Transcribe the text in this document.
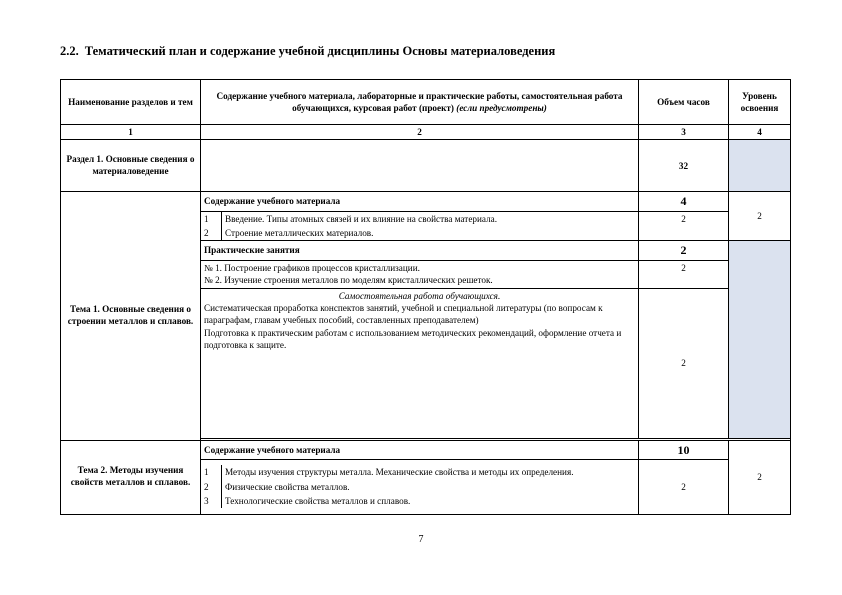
2.2. Тематический план и содержание учебной дисциплины Основы материаловедения
Наименование разделов и тем	Содержание учебного материала, лабораторные и практические работы, самостоятельная работа обучающихся, курсовая работ (проект) (если предусмотрены)	Объем часов	Уровень освоения
1	2	3	4
Раздел 1. Основные сведения о материаловедение		32	
Тема 1. Основные сведения о строении металлов и сплавов.	Содержание учебного материала	4	2

1	Введение. Типы атомных связей и их влияние на свойства материала.
2	Строение металлических материалов.
	2
Практические занятия	2	

№ 1. Построение графиков процессов кристаллизации.
№ 2. Изучение строения металлов по моделям кристаллических решеток.
	2

Самостоятельная работа обучающихся.
Систематическая проработка конспектов занятий, учебной и специальной литературы (по вопросам к параграфам, главам учебных пособий, составленных преподавателем)
Подготовка к практическим работам с использованием методических рекомендаций, оформление отчета и подготовка к защите.
	2

Тема 2. Методы изучения свойств металлов и сплавов.	Содержание учебного материала	10	2

1	Методы изучения структуры металла. Механические свойства и методы их определения.
2	Физические свойства металлов.
3	Технологические свойства металлов и сплавов.
	2
7
